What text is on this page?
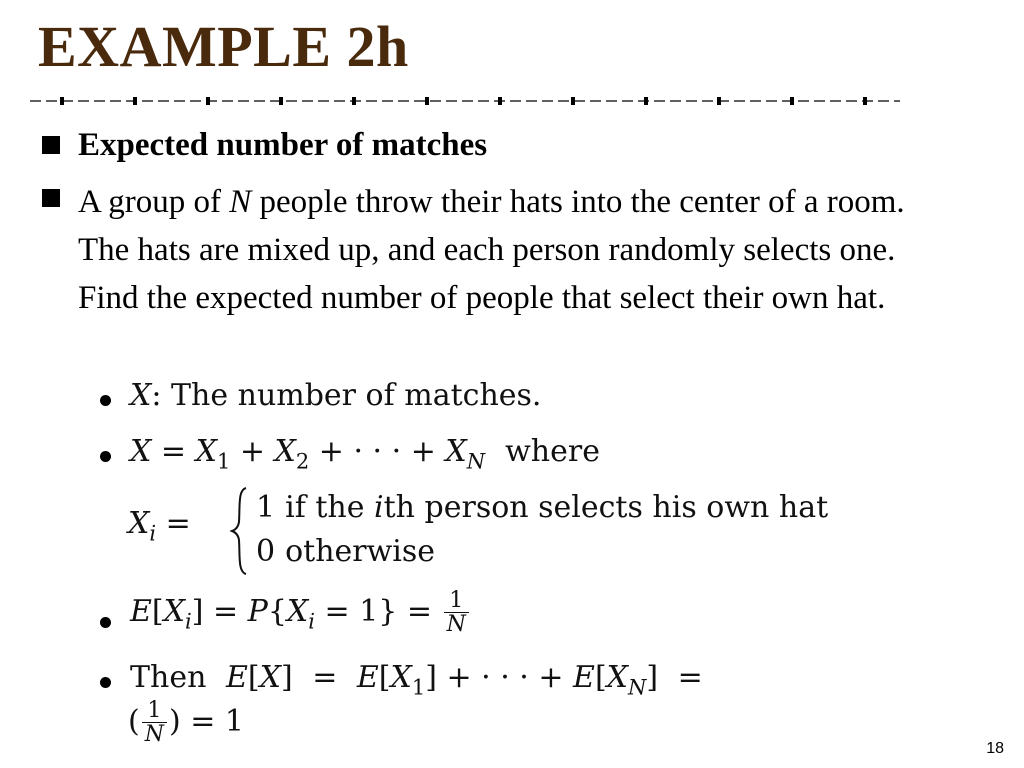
EXAMPLE 2h
Expected number of matches
A group of N people throw their hats into the center of a room. The hats are mixed up, and each person randomly selects one. Find the expected number of people that select their own hat.
X: The number of matches.
$X = X_1 + X_2$ + · · · + $X_N$ where
$X_i = 1$ if the ith person selects his own hat
0 otherwise
$E[X_i] = P\{X_i = 1\} = \frac{1}{N}$
Then $E[X] = E[X_1]$ + · · · + $E[X_N]$ =
( $\frac{1}{N}$ ) = 1
18
